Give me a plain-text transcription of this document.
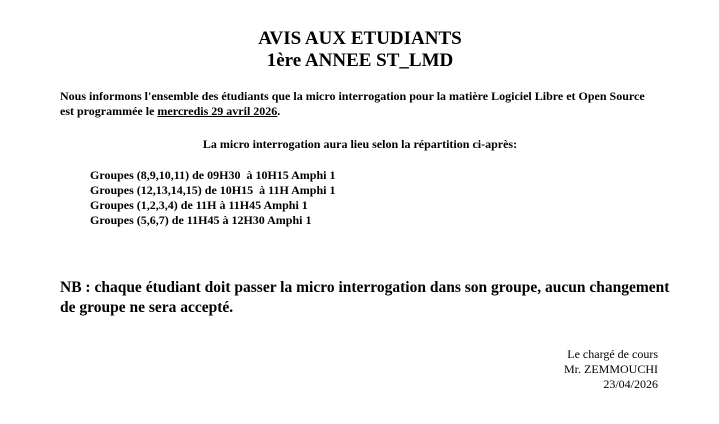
AVIS AUX ETUDIANTS
1ère ANNEE ST_LMD
Nous informons l'ensemble des étudiants que la micro interrogation pour la matière Logiciel Libre et Open Source est programmée le mercredis 29 avril 2026.
La micro interrogation aura lieu selon la répartition ci-après:
Groupes (8,9,10,11) de 09H30  à 10H15 Amphi 1
Groupes (12,13,14,15) de 10H15  à 11H Amphi 1
Groupes (1,2,3,4) de 11H à 11H45 Amphi 1
Groupes (5,6,7) de 11H45 à 12H30 Amphi 1
NB : chaque étudiant doit passer la micro interrogation dans son groupe, aucun changement de groupe ne sera accepté.
Le chargé de cours
Mr. ZEMMOUCHI
23/04/2026
